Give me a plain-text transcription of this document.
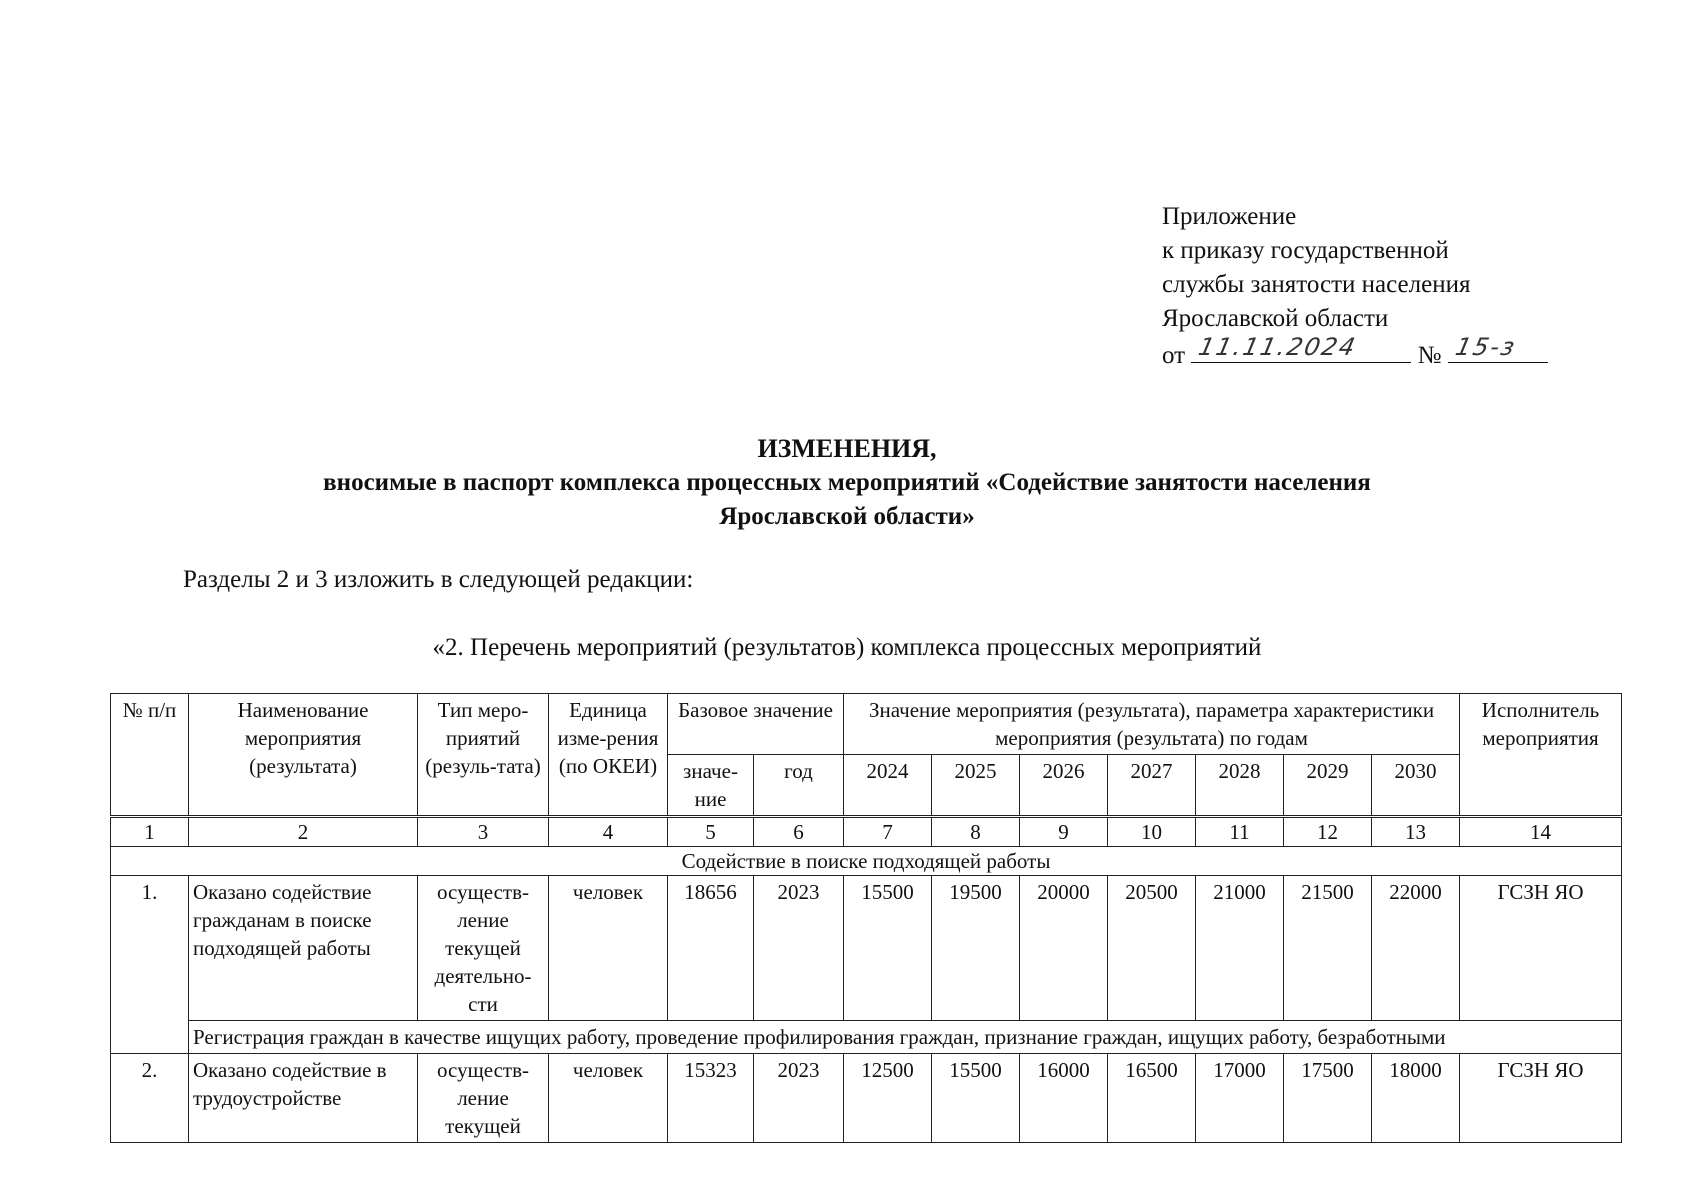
Приложение
к приказу государственной
службы занятости населения
Ярославской области
от 11.11.2024 № 15-з
ИЗМЕНЕНИЯ,
вносимые в паспорт комплекса процессных мероприятий «Содействие занятости населения
Ярославской области»
Разделы 2 и 3 изложить в следующей редакции:
«2. Перечень мероприятий (результатов) комплекса процессных мероприятий
№ п/п	Наименование мероприятия (результата)	Тип меро-приятий (резуль-тата)	Единица изме-рения (по ОКЕИ)	Базовое значение		Значение мероприятия (результата), параметра характеристики мероприятия (результата) по годам							Исполнитель мероприятия
				значе-ние	год	2024	2025	2026	2027	2028	2029	2030	
1	2	3	4	5	6	7	8	9	10	11	12	13	14
Содействие в поиске подходящей работы													
1.	Оказано содействие гражданам в поиске подходящей работы	осуществ-ление текущей деятельно-сти	человек	18656	2023	15500	19500	20000	20500	21000	21500	22000	ГСЗН ЯО
	Регистрация граждан в качестве ищущих работу, проведение профилирования граждан, признание граждан, ищущих работу, безработными												
2.	Оказано содействие в трудоустройстве	осуществ-ление текущей	человек	15323	2023	12500	15500	16000	16500	17000	17500	18000	ГСЗН ЯО
